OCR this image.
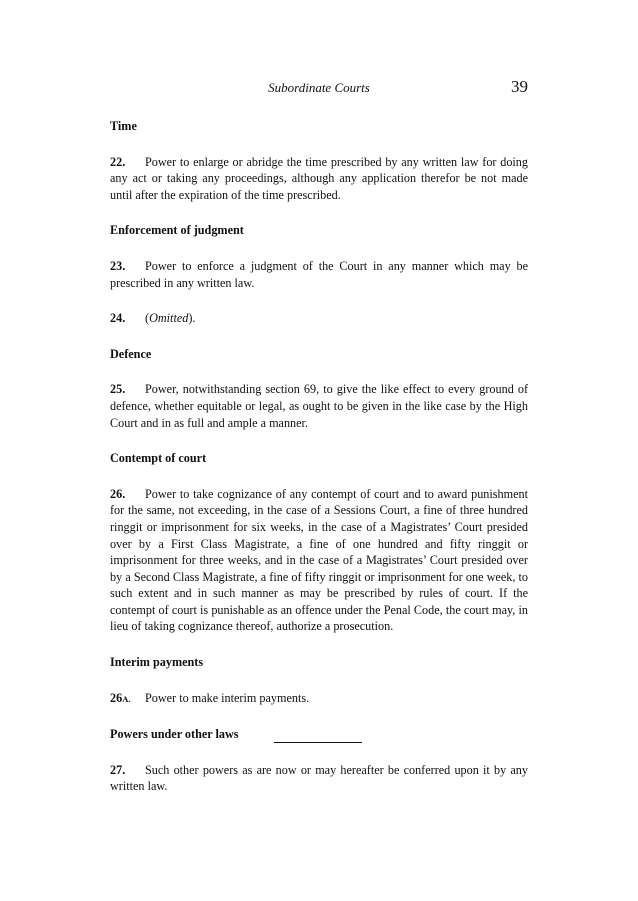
Subordinate Courts	39
Time
22. Power to enlarge or abridge the time prescribed by any written law for doing any act or taking any proceedings, although any application therefor be not made until after the expiration of the time prescribed.
Enforcement of judgment
23. Power to enforce a judgment of the Court in any manner which may be prescribed in any written law.
24. (Omitted).
Defence
25. Power, notwithstanding section 69, to give the like effect to every ground of defence, whether equitable or legal, as ought to be given in the like case by the High Court and in as full and ample a manner.
Contempt of court
26. Power to take cognizance of any contempt of court and to award punishment for the same, not exceeding, in the case of a Sessions Court, a fine of three hundred ringgit or imprisonment for six weeks, in the case of a Magistrates’ Court presided over by a First Class Magistrate, a fine of one hundred and fifty ringgit or imprisonment for three weeks, and in the case of a Magistrates’ Court presided over by a Second Class Magistrate, a fine of fifty ringgit or imprisonment for one week, to such extent and in such manner as may be prescribed by rules of court. If the contempt of court is punishable as an offence under the Penal Code, the court may, in lieu of taking cognizance thereof, authorize a prosecution.
Interim payments
26A. Power to make interim payments.
Powers under other laws
27. Such other powers as are now or may hereafter be conferred upon it by any written law.
